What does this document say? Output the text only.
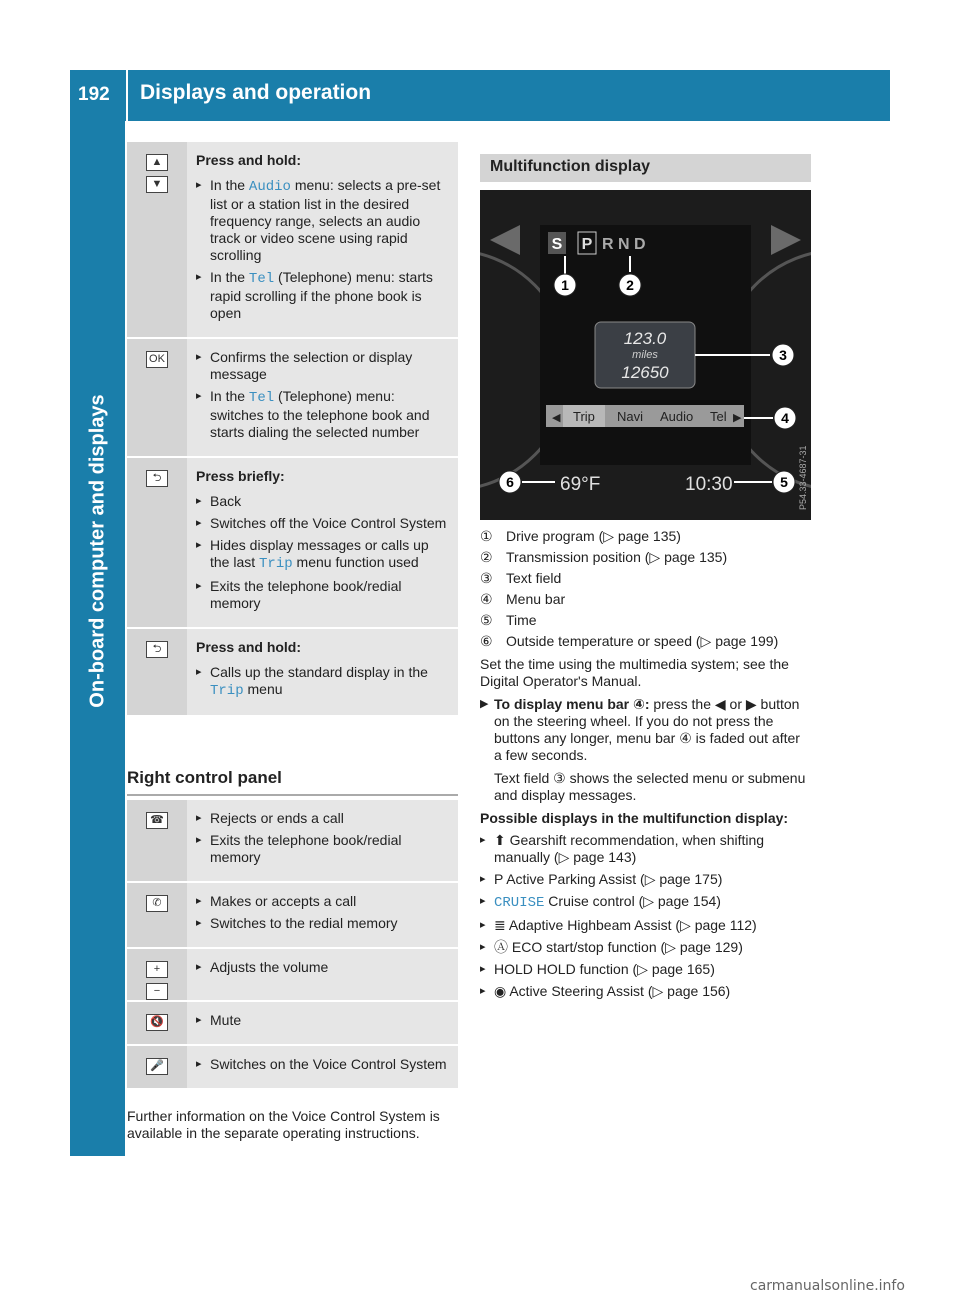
192 Displays and operation
On-board computer and displays
▲
▼
Press and hold:
▸ In the Audio menu: selects a pre-set list or a station list in the desired frequency range, selects an audio track or video scene using rapid scrolling
▸ In the Tel (Telephone) menu: starts rapid scrolling if the phone book is open
OK	▸ Confirms the selection or display message
▸ In the Tel (Telephone) menu: switches to the telephone book and starts dialing the selected number
⮌	Press briefly:
▸ Back
▸ Switches off the Voice Control System
▸ Hides display messages or calls up the last Trip menu function used
▸ Exits the telephone book/redial memory
⮌	Press and hold:
▸ Calls up the standard display in the Trip menu
Right control panel
☎	▸ Rejects or ends a call
▸ Exits the telephone book/redial memory
✆	▸ Makes or accepts a call
▸ Switches to the redial memory
+
−
▸ Adjusts the volume
🔇	▸ Mute
🎤	▸ Switches on the Voice Control System
Further information on the Voice Control System is available in the separate operating instructions.
Multifunction display
S P R N D
123.0
miles
12650
◀ Trip Navi Audio Tel ▶
69°F	10:30	P54.33-4687-31
1	2
3
4
5
6
① Drive program (▷ page 135)
② Transmission position (▷ page 135)
③ Text field
④ Menu bar
⑤ Time
⑥ Outside temperature or speed (▷ page 199)
Set the time using the multimedia system; see the Digital Operator's Manual.
▶ To display menu bar ④: press the ◀ or ▶ button on the steering wheel. If you do not press the buttons any longer, menu bar ④ is faded out after a few seconds.
Text field ③ shows the selected menu or submenu and display messages.
Possible displays in the multifunction display:
▸ ⬆ Gearshift recommendation, when shifting manually (▷ page 143)
▸ P Active Parking Assist (▷ page 175)
▸ CRUISE Cruise control (▷ page 154)
▸ ≣ Adaptive Highbeam Assist (▷ page 112)
▸ Ⓐ ECO start/stop function (▷ page 129)
▸ HOLD HOLD function (▷ page 165)
▸ ◉ Active Steering Assist (▷ page 156)
carmanualsonline.info
